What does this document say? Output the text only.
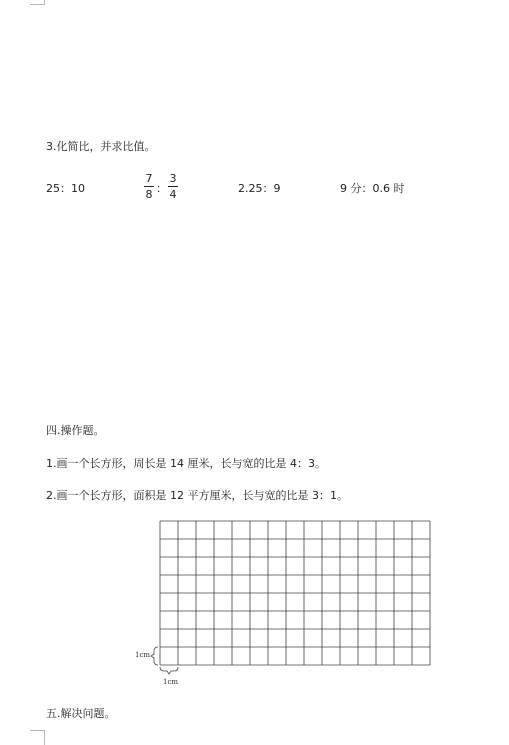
3.化简比，并求比值。
25：10
7
8 ：
3
4	2.25：9	9 分：0.6 时
四.操作题。
1.画一个长方形，周长是 14 厘米，长与宽的比是 4：3。
2.画一个长方形，面积是 12 平方厘米，长与宽的比是 3：1。
1cm
1cm
五.解决问题。
